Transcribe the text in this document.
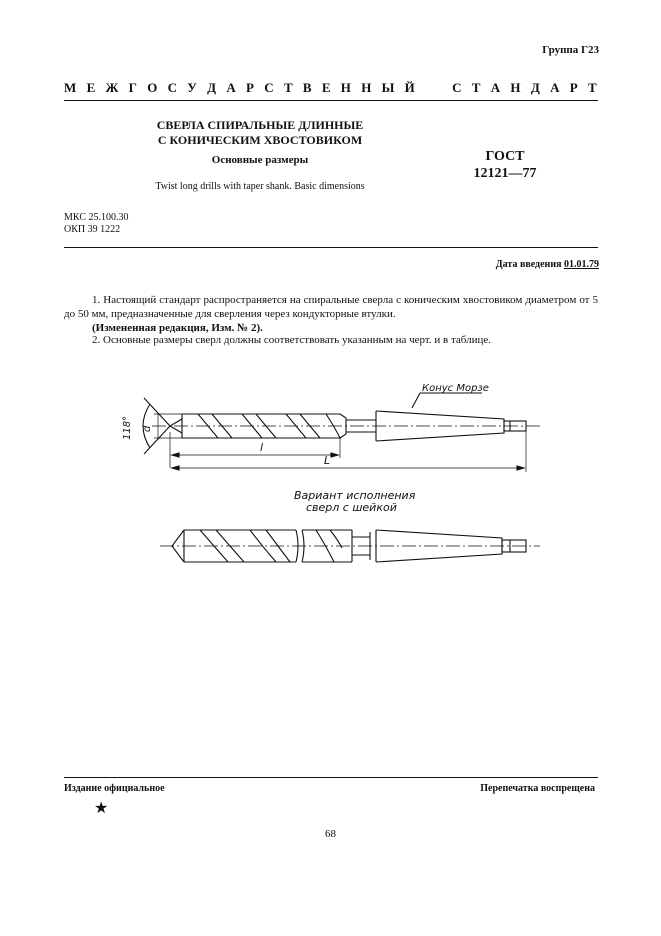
Группа Г23
М Е Ж Г О С У Д А Р С Т В Е Н Н Ы Й

	С Т А Н Д А Р Т
СВЕРЛА СПИРАЛЬНЫЕ ДЛИННЫЕ
С КОНИЧЕСКИМ ХВОСТОВИКОМ
Основные размеры
Twist long drills with taper shank. Basic dimensions
ГОСТ
12121—77
МКС 25.100.30
ОКП 39 1222
Дата введения 01.01.79
1. Настоящий стандарт распространяется на спиральные сверла с коническим хвостовиком диаметром от 5 до 50 мм, предназначенные для сверления через кондукторные втулки.
(Измененная редакция, Изм. № 2).
2. Основные размеры сверл должны соответствовать указанным на черт. и в таблице.
118° d
l
L
Конус Морзе
Вариант исполнения
сверл с шейкой
Издание официальное	Перепечатка воспрещена
★
68
